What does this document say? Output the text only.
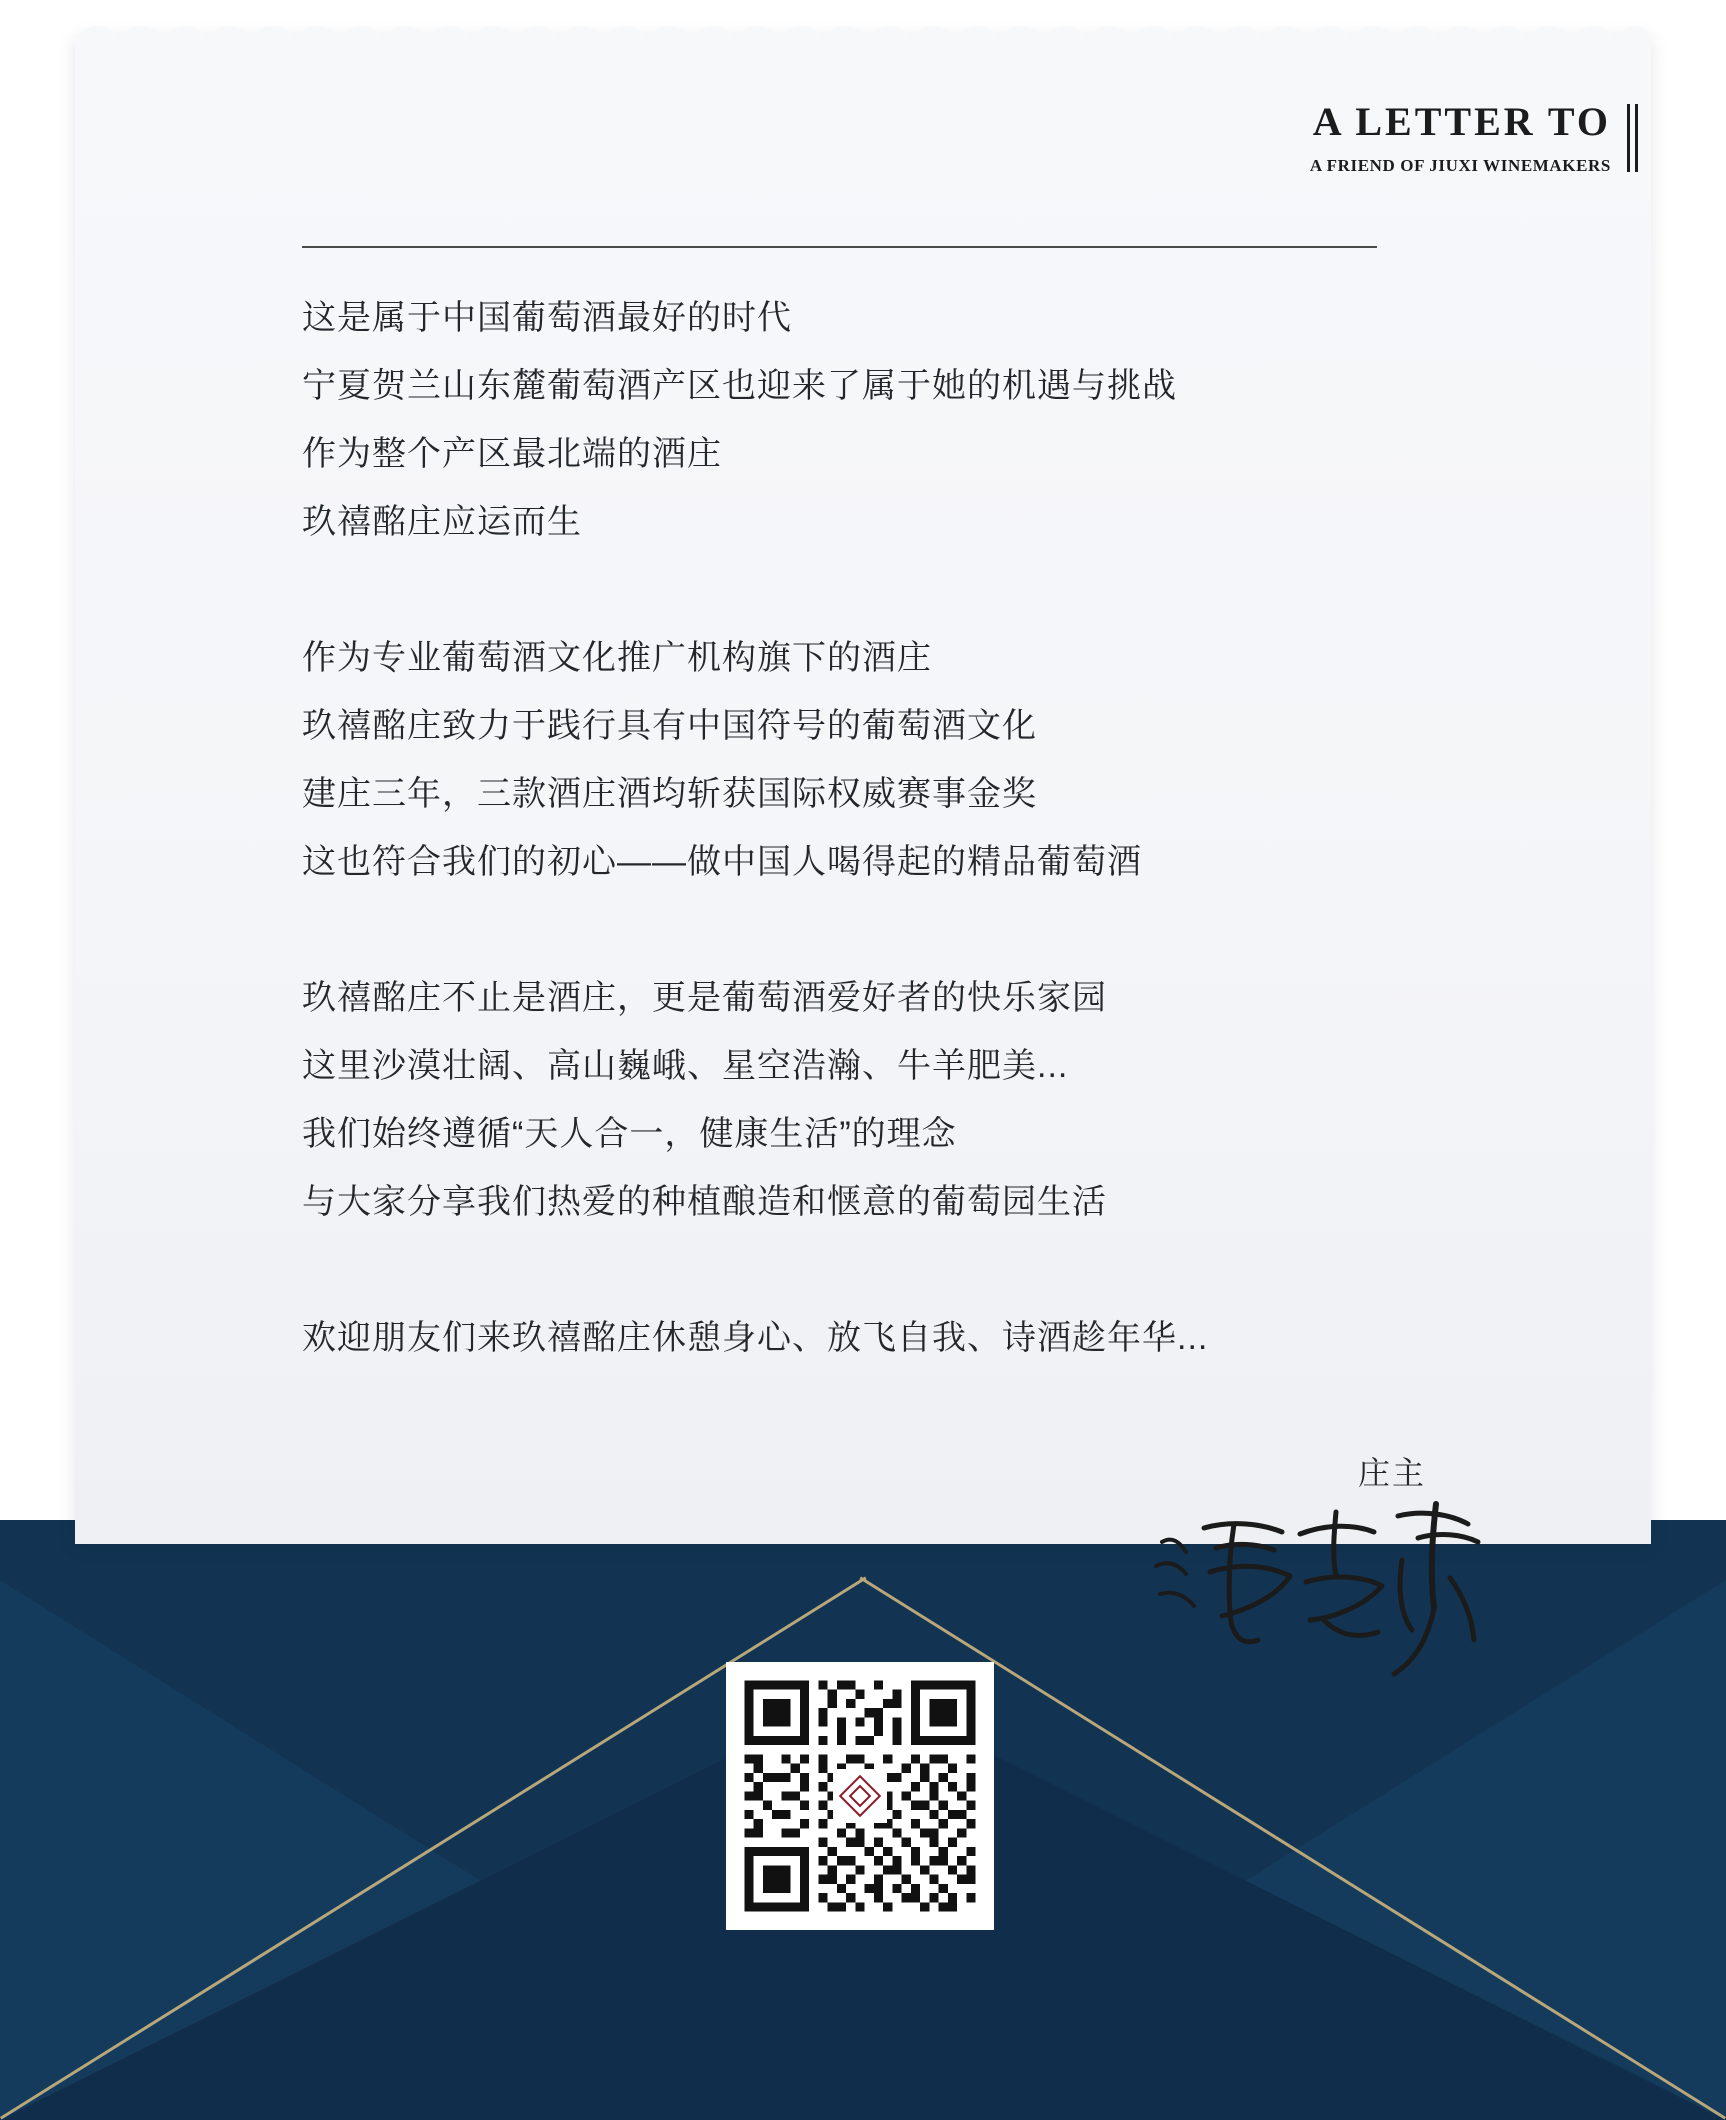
A LETTER TO
A FRIEND OF JIUXI WINEMAKERS

这是属于中国葡萄酒最好的时代
宁夏贺兰山东麓葡萄酒产区也迎来了属于她的机遇与挑战
作为整个产区最北端的酒庄
玖禧酩庄应运而生

作为专业葡萄酒文化推广机构旗下的酒庄
玖禧酩庄致力于践行具有中国符号的葡萄酒文化
建庄三年，三款酒庄酒均斩获国际权威赛事金奖
这也符合我们的初心——做中国人喝得起的精品葡萄酒

玖禧酩庄不止是酒庄，更是葡萄酒爱好者的快乐家园
这里沙漠壮阔、高山巍峨、星空浩瀚、牛羊肥美...
我们始终遵循“天人合一，健康生活”的理念
与大家分享我们热爱的种植酿造和惬意的葡萄园生活

欢迎朋友们来玖禧酩庄休憩身心、放飞自我、诗酒趁年华...

庄主
